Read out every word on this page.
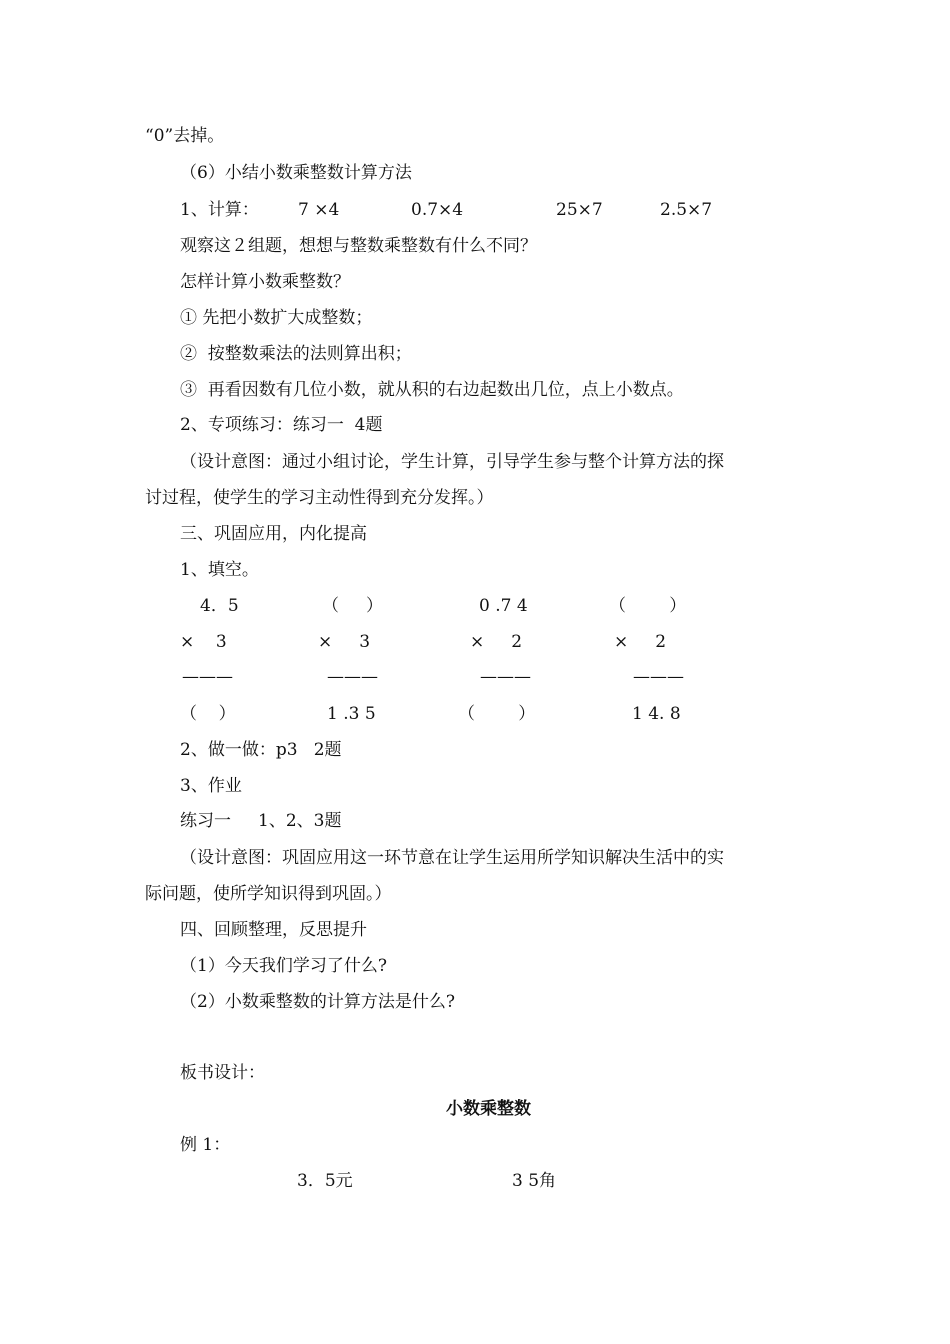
“0”去掉。
（6）小结小数乘整数计算方法
1、计算： 7 ×4	0.7×4	25×7	2.5×7
观察这２组题，想想与整数乘整数有什么不同？
怎样计算小数乘整数？
① 先把小数扩大成整数；
②  按整数乘法的法则算出积；
③  再看因数有几位小数，就从积的右边起数出几位，点上小数点。
2、专项练习：练习一  4题
（设计意图：通过小组讨论，学生计算，引导学生参与整个计算方法的探
讨过程，使学生的学习主动性得到充分发挥。）
三、巩固应用，内化提高
1、填空。
4．5	（     ）	0 .7 4	（        ）
×    3	×     3	×     2	×     2
———	———	———	———
（    ）	1 .3 5	（        ）	1 4. 8
2、做一做：p3   2题
3、作业
练习一     1、2、3题
（设计意图：巩固应用这一环节意在让学生运用所学知识解决生活中的实
际问题，使所学知识得到巩固。）
四、回顾整理，反思提升
（1）今天我们学习了什么?
（2）小数乘整数的计算方法是什么?
板书设计：
小数乘整数
例 1：
3．5元	3 5角
